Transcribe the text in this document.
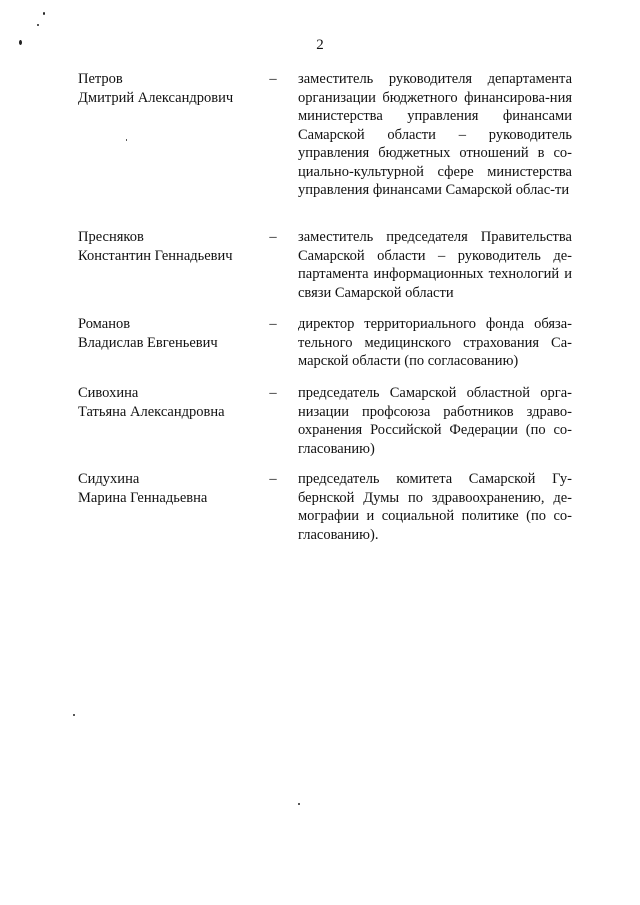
2
Петров
Дмитрий Александрович
– заместитель руководителя департамента организации бюджетного финансирова-ния министерства управления финансами Самарской области – руководитель управления бюджетных отношений в со-циально-культурной сфере министерства управления финансами Самарской облас-ти
Пресняков
Константин Геннадьевич
– заместитель председателя Правительства Самарской области – руководитель де-партамента информационных технологий и связи Самарской области
Романов
Владислав Евгеньевич
– директор территориального фонда обяза-тельного медицинского страхования Са-марской области (по согласованию)
Сивохина
Татьяна Александровна
– председатель Самарской областной орга-низации профсоюза работников здраво-охранения Российской Федерации (по со-гласованию)
Сидухина
Марина Геннадьевна
– председатель комитета Самарской Гу-бернской Думы по здравоохранению, де-мографии и социальной политике (по со-гласованию).
